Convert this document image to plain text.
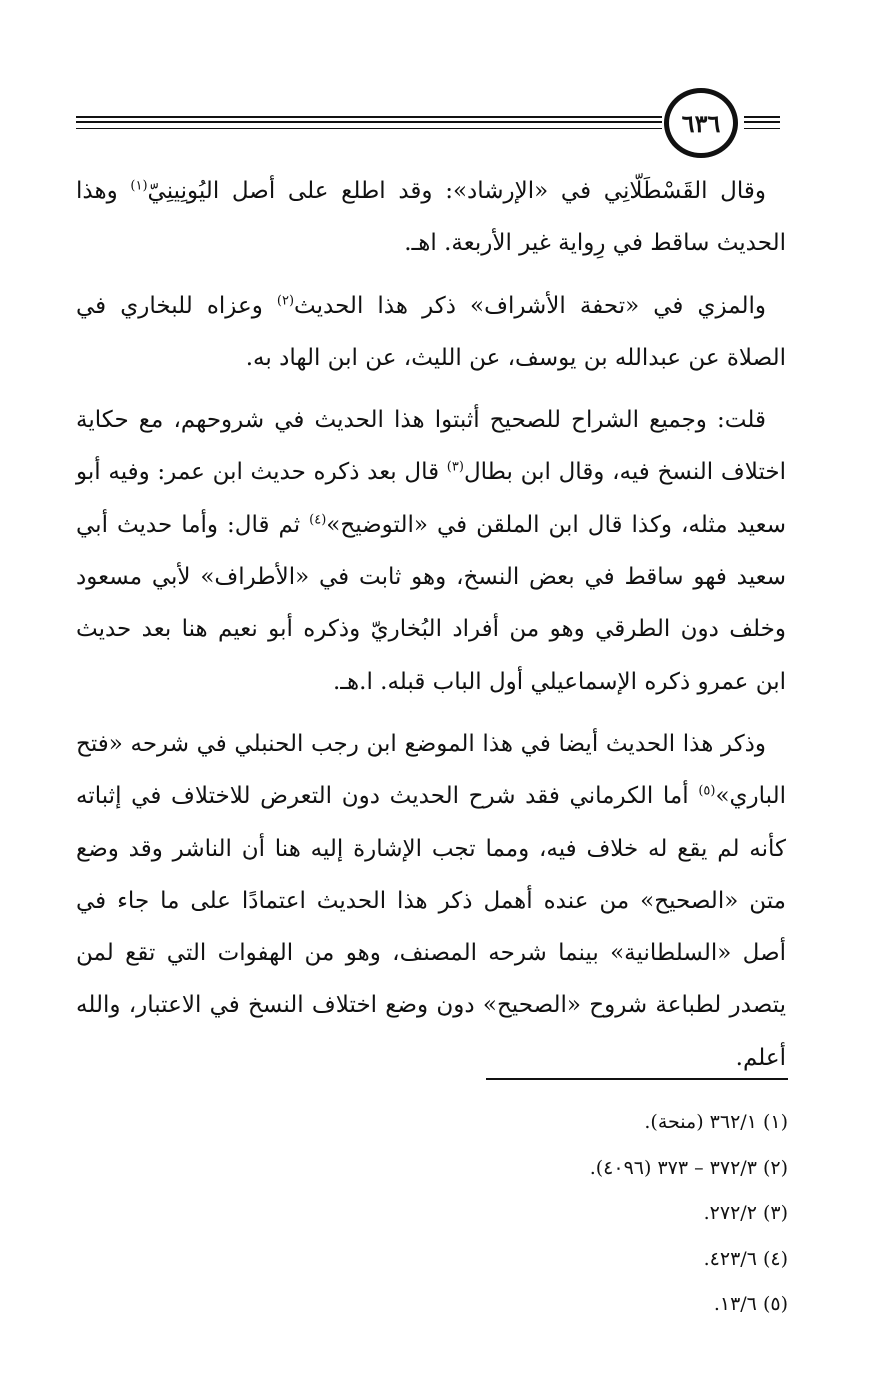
٦٣٦

وقال القَسْطَلّانِي في «الإرشاد»: وقد اطلع على أصل اليُونِينِيّ$^{(١)}$ وهذا الحديث ساقط في رِواية غير الأربعة. اهـ.

والمزي في «تحفة الأشراف» ذكر هذا الحديث$^{(٢)}$ وعزاه للبخاري في الصلاة عن عبدالله بن يوسف، عن الليث، عن ابن الهاد به.

قلت: وجميع الشراح للصحيح أثبتوا هذا الحديث في شروحهم، مع حكاية اختلاف النسخ فيه، وقال ابن بطال$^{(٣)}$ قال بعد ذكره حديث ابن عمر: وفيه أبو سعيد مثله، وكذا قال ابن الملقن في «التوضيح»$^{(٤)}$ ثم قال: وأما حديث أبي سعيد فهو ساقط في بعض النسخ، وهو ثابت في «الأطراف» لأبي مسعود وخلف دون الطرقي وهو من أفراد البُخاريّ وذكره أبو نعيم هنا بعد حديث ابن عمرو ذكره الإسماعيلي أول الباب قبله. ا.هـ.

وذكر هذا الحديث أيضا في هذا الموضع ابن رجب الحنبلي في شرحه «فتح الباري»$^{(٥)}$ أما الكرماني فقد شرح الحديث دون التعرض للاختلاف في إثباته كأنه لم يقع له خلاف فيه، ومما تجب الإشارة إليه هنا أن الناشر وقد وضع متن «الصحيح» من عنده أهمل ذكر هذا الحديث اعتمادًا على ما جاء في أصل «السلطانية» بينما شرحه المصنف، وهو من الهفوات التي تقع لمن يتصدر لطباعة شروح «الصحيح» دون وضع اختلاف النسخ في الاعتبار، والله أعلم.

(١) ٣٦٢/١ (منحة).

(٢) ٣٧٢/٣ – ٣٧٣ (٤٠٩٦).

(٣) ٢٧٢/٢.

(٤) ٤٢٣/٦.

(٥) ١٣/٦.
